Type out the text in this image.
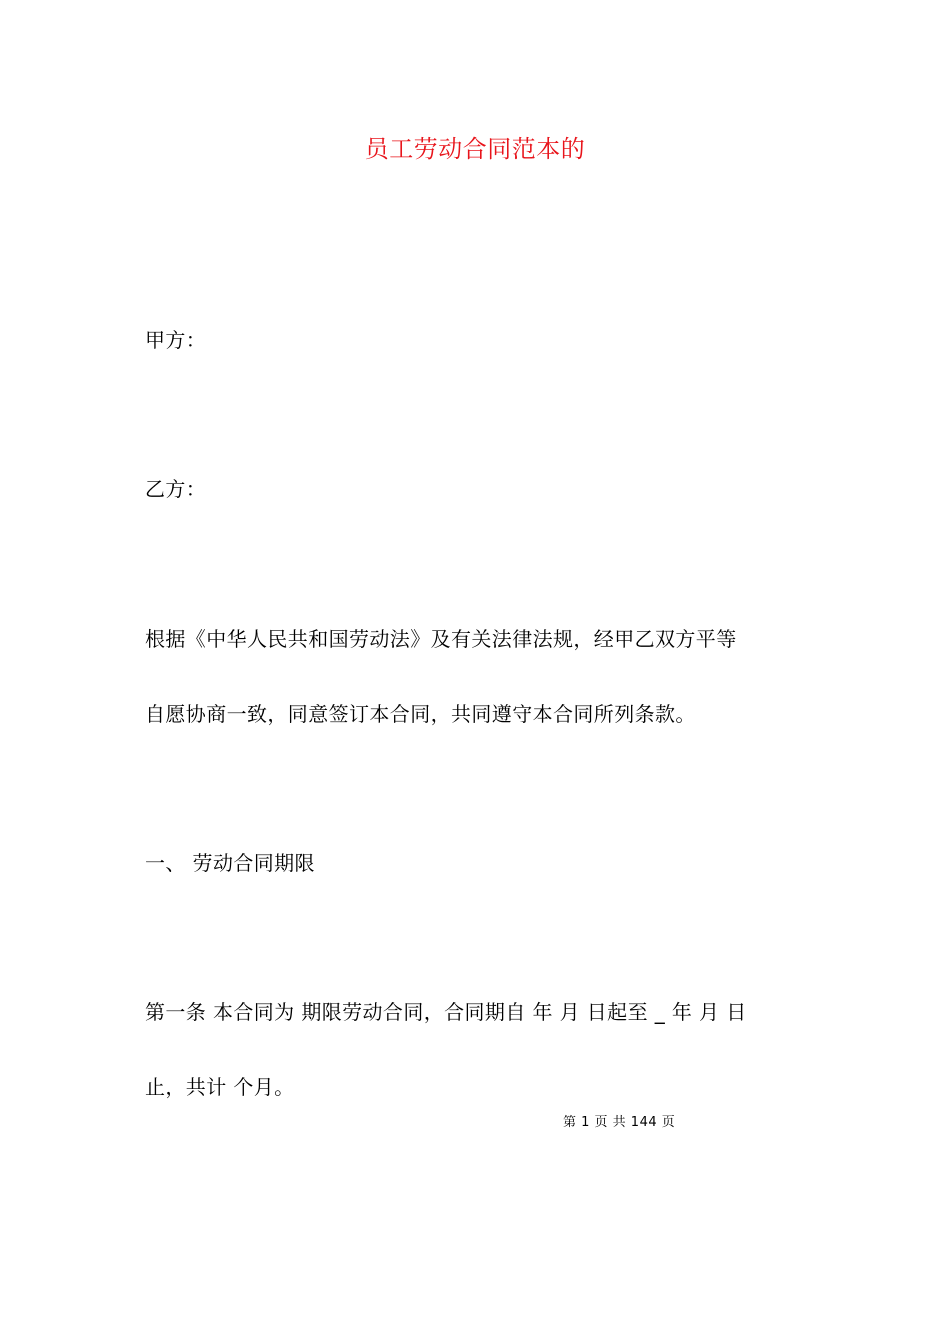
员工劳动合同范本的
甲方：
乙方：
根据《中华人民共和国劳动法》及有关法律法规，经甲乙双方平等
自愿协商一致，同意签订本合同，共同遵守本合同所列条款。
一、 劳动合同期限
第一条 本合同为 期限劳动合同，合同期自 年 月 日起至 _ 年 月 日
止，共计 个月。
第 1 页 共 144 页
